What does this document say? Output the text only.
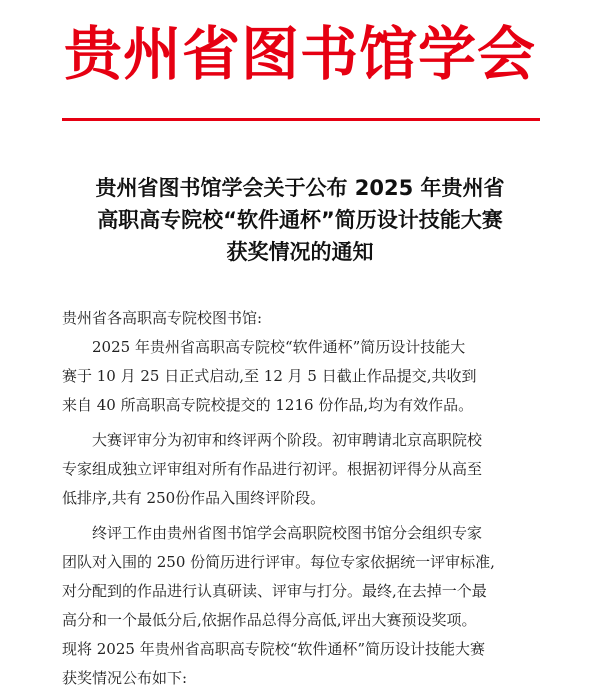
贵州省图书馆学会
贵州省图书馆学会关于公布 2025 年贵州省
高职高专院校“软件通杯”简历设计技能大赛
获奖情况的通知
贵州省各高职高专院校图书馆:
2025 年贵州省高职高专院校“软件通杯”简历设计技能大
赛于 10 月 25 日正式启动,至 12 月 5 日截止作品提交,共收到
来自 40 所高职高专院校提交的 1216 份作品,均为有效作品。
大赛评审分为初审和终评两个阶段。初审聘请北京高职院校
专家组成独立评审组对所有作品进行初评。根据初评得分从高至
低排序,共有 250份作品入围终评阶段。
终评工作由贵州省图书馆学会高职院校图书馆分会组织专家
团队对入围的 250 份简历进行评审。每位专家依据统一评审标准,
对分配到的作品进行认真研读、评审与打分。最终,在去掉一个最
高分和一个最低分后,依据作品总得分高低,评出大赛预设奖项。
现将 2025 年贵州省高职高专院校“软件通杯”简历设计技能大赛
获奖情况公布如下:
